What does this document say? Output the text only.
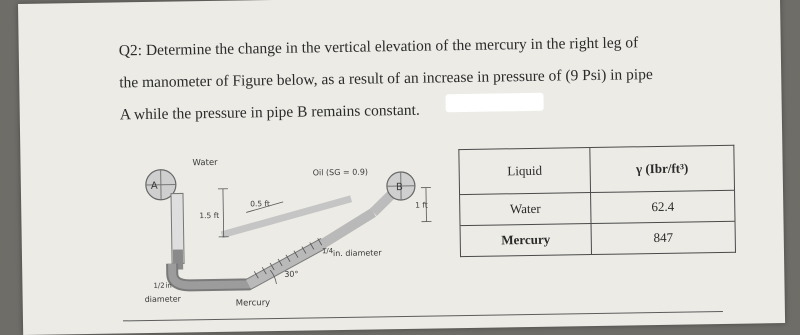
Q2: Determine the change in the vertical elevation of the mercury in the right leg of
the manometer of Figure below, as a result of an increase in pressure of (9 Psi) in pipe
A while the pressure in pipe B remains constant.
A
Water
Oil (SG = 0.9)
B
1.5 ft
0.5 ft	1 ft
30°
1/4 in. diameter
1/2 in
diameter	Mercury
Liquid	γ (Ibr/ft³)
Water	62.4
Mercury	847
